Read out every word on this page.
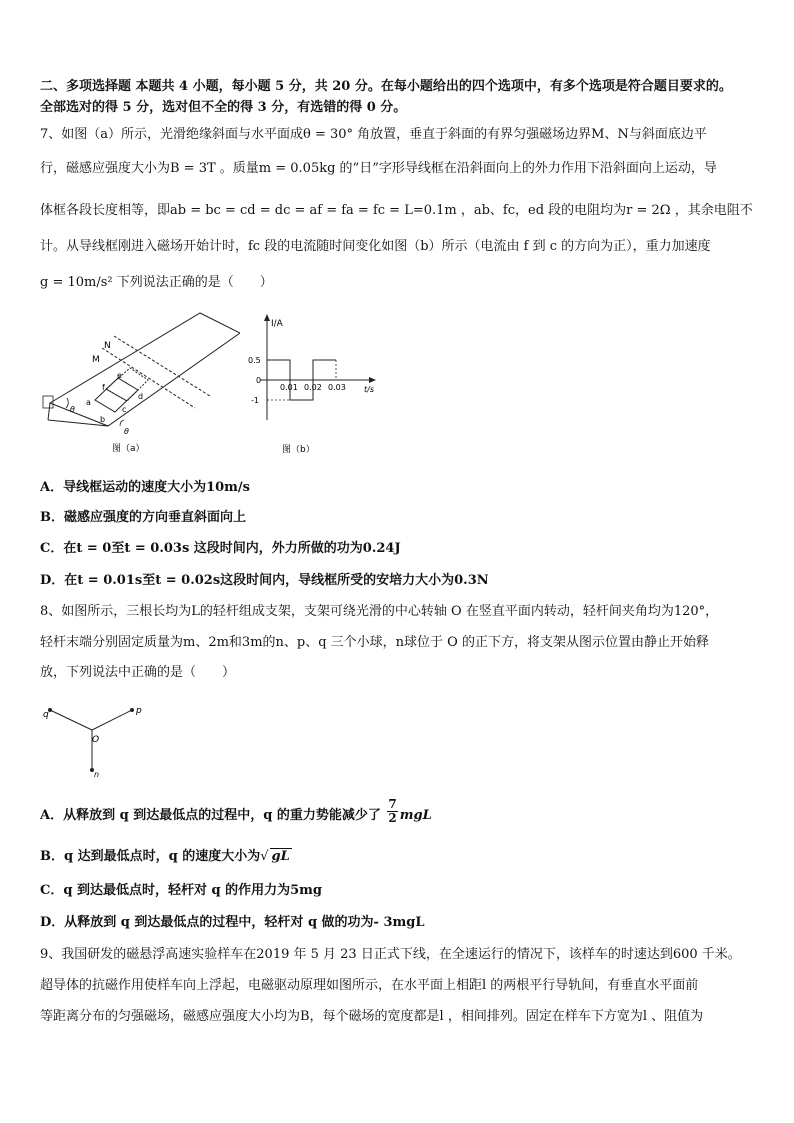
二、多项选择题 本题共 4 小题，每小题 5 分，共 20 分。在每小题给出的四个选项中，有多个选项是符合题目要求的。
全部选对的得 5 分，选对但不全的得 3 分，有选错的得 0 分。
7、如图（a）所示，光滑绝缘斜面与水平面成θ = 30° 角放置，垂直于斜面的有界匀强磁场边界M、N与斜面底边平
行，磁感应强度大小为B = 3T 。质量m = 0.05kg 的“日”字形导线框在沿斜面向上的外力作用下沿斜面向上运动，导
体框各段长度相等，即ab = bc = cd = dc = af = fa = fc = L=0.1m ，ab、fc，ed 段的电阻均为r = 2Ω ，其余电阻不
计。从导线框刚进入磁场开始计时，fc 段的电流随时间变化如图（b）所示（电流由 f 到 c 的方向为正），重力加速度
g = 10m/s² 下列说法正确的是（　　）
N
M
a
b
c
d
e
f
θ
θ
图（a）
I/A
t/s
0
0.5
-1
0.01 0.02 0.03
图（b）
A．导线框运动的速度大小为10m/s
B．磁感应强度的方向垂直斜面向上
C．在t = 0至t = 0.03s 这段时间内，外力所做的功为0.24J
D．在t = 0.01s至t = 0.02s这段时间内，导线框所受的安培力大小为0.3N
8、如图所示，三根长均为L的轻杆组成支架，支架可绕光滑的中心转轴 O 在竖直平面内转动，轻杆间夹角均为120°，
轻杆末端分别固定质量为m、2m和3m的n、p、q 三个小球，n球位于 O 的正下方，将支架从图示位置由静止开始释
放，下列说法中正确的是（　　）
q	p
O
n
A．从释放到 q 到达最低点的过程中，q 的重力势能减少了 $\frac{7}{2}$ mgL
B．q 达到最低点时，q 的速度大小为√ gL
C．q 到达最低点时，轻杆对 q 的作用力为5mg
D．从释放到 q 到达最低点的过程中，轻杆对 q 做的功为- 3mgL
9、我国研发的磁悬浮高速实验样车在2019 年 5 月 23 日正式下线，在全速运行的情况下，该样车的时速达到600 千米。
超导体的抗磁作用使样车向上浮起，电磁驱动原理如图所示，在水平面上相距l 的两根平行导轨间，有垂直水平面前
等距离分布的匀强磁场，磁感应强度大小均为B，每个磁场的宽度都是l ，相间排列。固定在样车下方宽为l 、阻值为
